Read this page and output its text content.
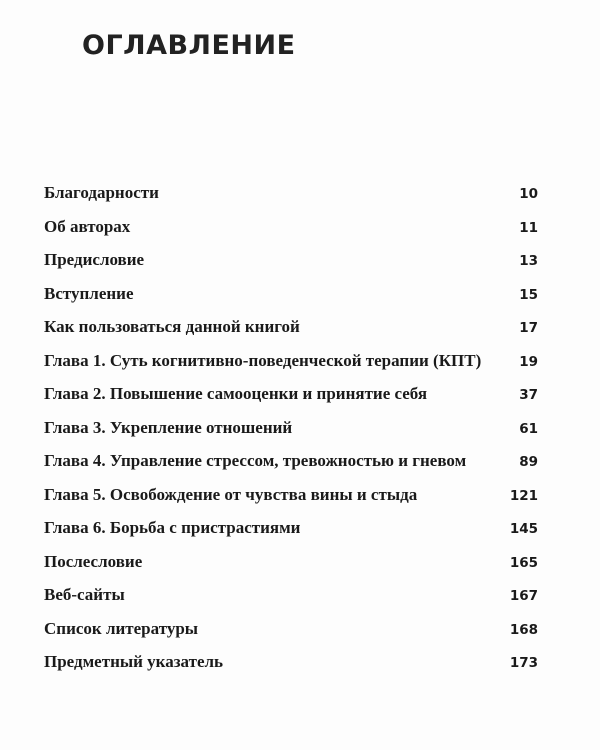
ОГЛАВЛЕНИЕ
Благодарности	10
Об авторах	11
Предисловие	13
Вступление	15
Как пользоваться данной книгой	17
Глава 1. Суть когнитивно-поведенческой терапии (КПТ)	19
Глава 2. Повышение самооценки и принятие себя	37
Глава 3. Укрепление отношений	61
Глава 4. Управление стрессом, тревожностью и гневом	89
Глава 5. Освобождение от чувства вины и стыда	121
Глава 6. Борьба с пристрастиями	145
Послесловие	165
Веб-сайты	167
Список литературы	168
Предметный указатель	173
